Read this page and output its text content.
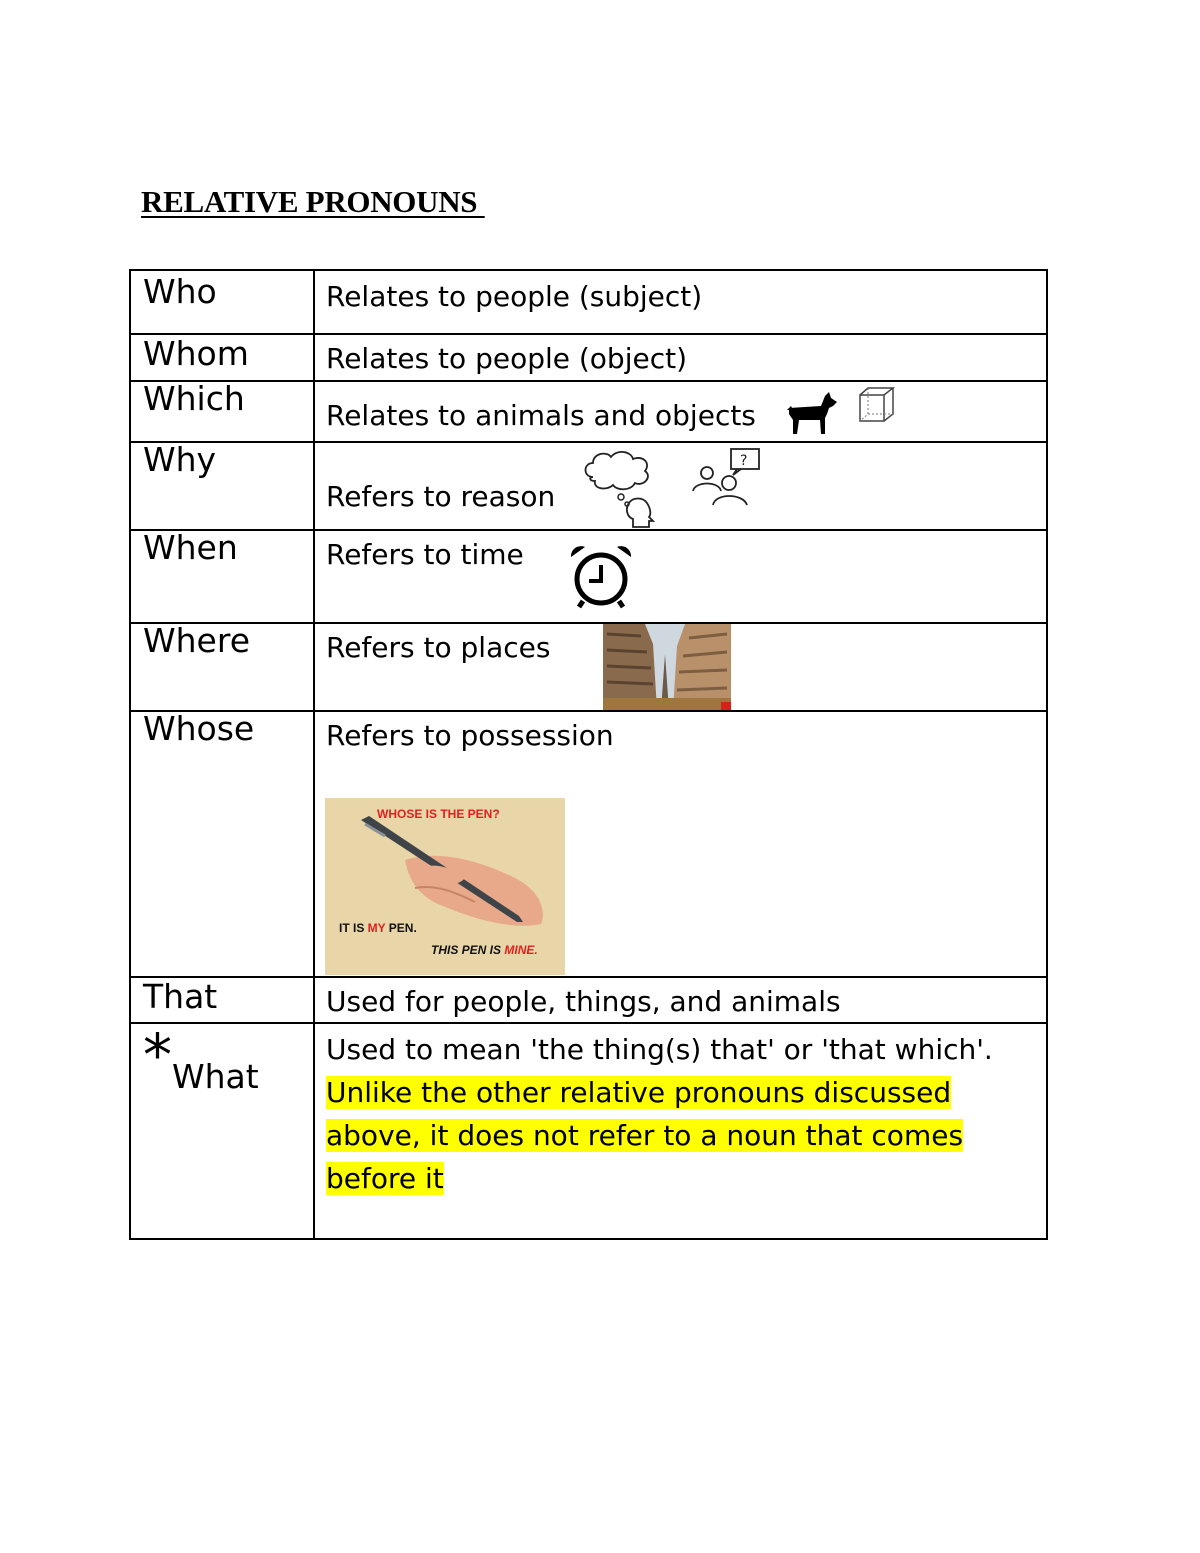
RELATIVE PRONOUNS
Who	Relates to people (subject)
Whom	Relates to people (object)
Which	Relates to animals and objects

Why	Refers to reason
?

When	Refers to time

Where	Refers to places

Whose	Refers to possession
WHOSE IS THE PEN?
IT IS MY PEN.
THIS PEN IS MINE.

That	Used for people, things, and animals
*What	Used to mean 'the thing(s) that' or 'that which'.
Unlike the other relative pronouns discussed
above, it does not refer to a noun that comes
before it
